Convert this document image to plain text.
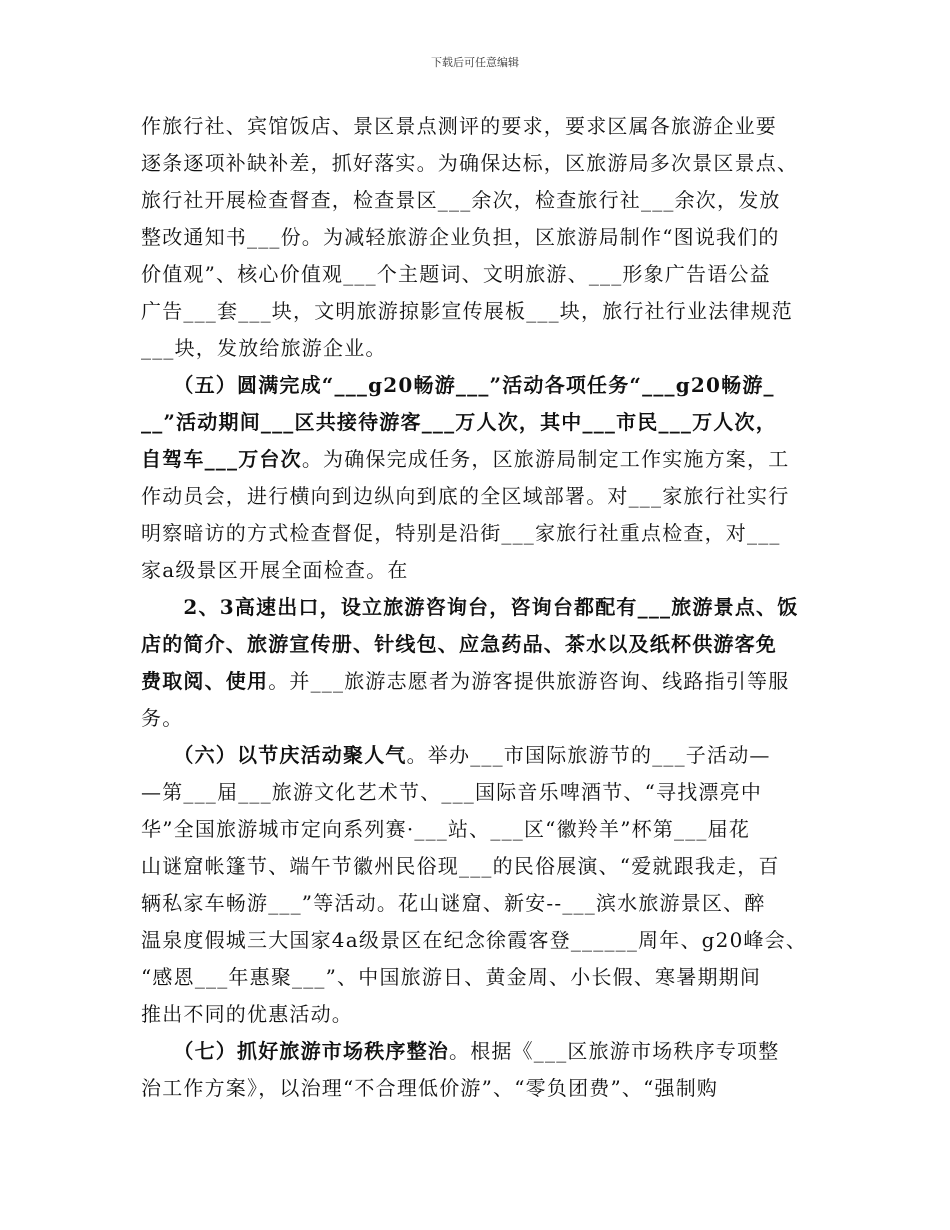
下载后可任意编辑
作旅行社、宾馆饭店、景区景点测评的要求，要求区属各旅游企业要
逐条逐项补缺补差，抓好落实。为确保达标，区旅游局多次景区景点、
旅行社开展检查督查，检查景区___余次，检查旅行社___余次，发放
整改通知书___份。为减轻旅游企业负担，区旅游局制作“图说我们的
价值观”、核心价值观___个主题词、文明旅游、___形象广告语公益
广告___套___块，文明旅游掠影宣传展板___块，旅行社行业法律规范
___块，发放给旅游企业。
　　（五）圆满完成“___g20畅游___”活动各项任务“___g20畅游_
__”活动期间___区共接待游客___万人次，其中___市民___万人次，
自驾车___万台次。为确保完成任务，区旅游局制定工作实施方案，工
作动员会，进行横向到边纵向到底的全区域部署。对___家旅行社实行
明察暗访的方式检查督促，特别是沿街___家旅行社重点检查，对___
家a级景区开展全面检查。在
　　2、3高速出口，设立旅游咨询台，咨询台都配有___旅游景点、饭
店的简介、旅游宣传册、针线包、应急药品、茶水以及纸杯供游客免
费取阅、使用。并___旅游志愿者为游客提供旅游咨询、线路指引等服
务。
　　（六）以节庆活动聚人气。举办___市国际旅游节的___子活动—
—第___届___旅游文化艺术节、___国际音乐啤酒节、“寻找漂亮中
华”全国旅游城市定向系列赛·___站、___区“徽羚羊”杯第___届花
山谜窟帐篷节、端午节徽州民俗现___的民俗展演、“爱就跟我走，百
辆私家车畅游___”等活动。花山谜窟、新安--___滨水旅游景区、醉
温泉度假城三大国家4a级景区在纪念徐霞客登______周年、g20峰会、
“感恩___年惠聚___”、中国旅游日、黄金周、小长假、寒暑期期间
推出不同的优惠活动。
　　（七）抓好旅游市场秩序整治。根据《___区旅游市场秩序专项整
治工作方案》，以治理“不合理低价游”、“零负团费”、“强制购
